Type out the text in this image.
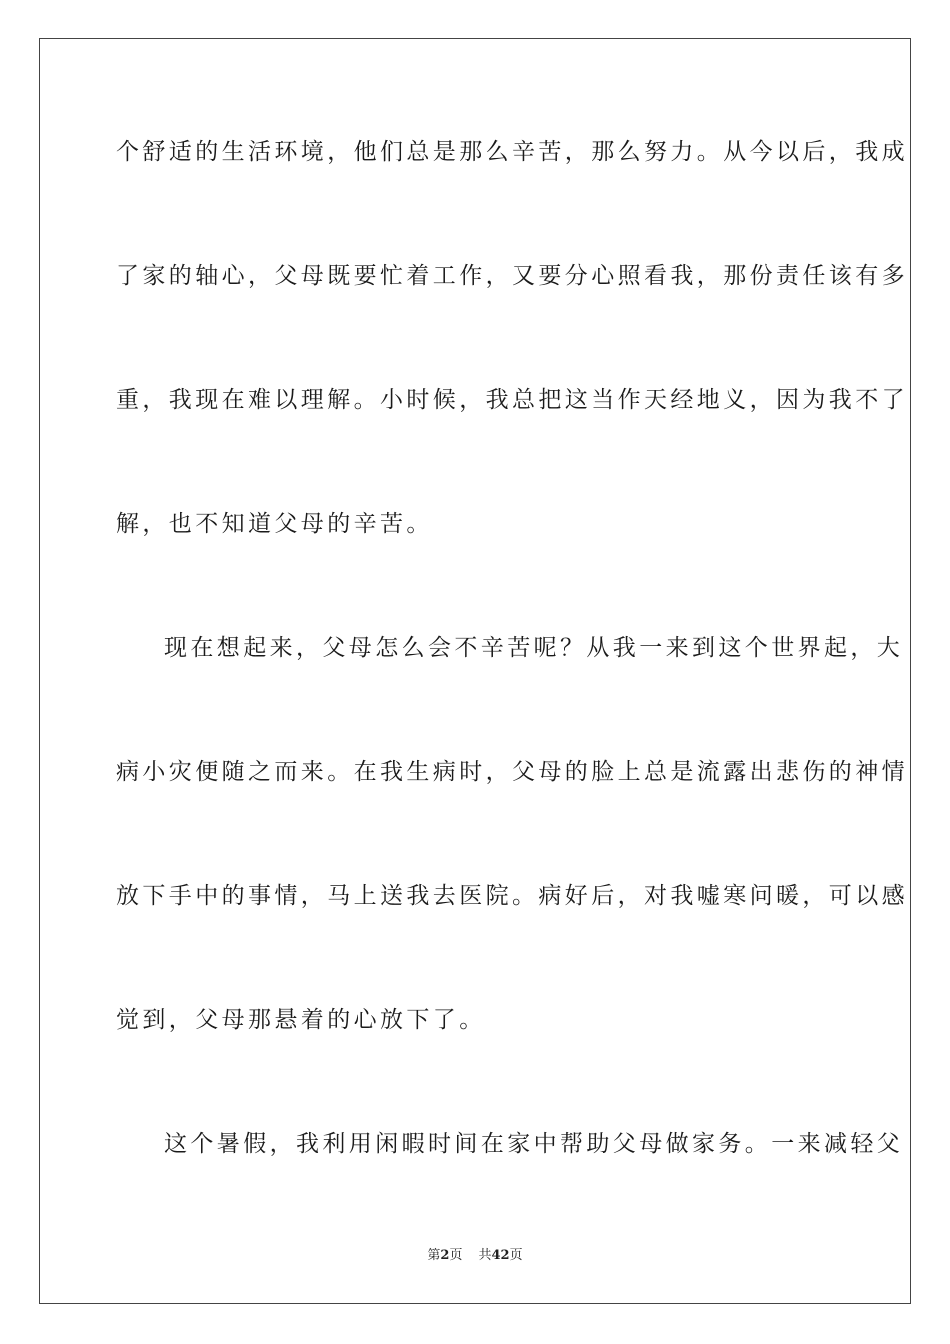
个舒适的生活环境，他们总是那么辛苦，那么努力。从今以后，我成
了家的轴心，父母既要忙着工作，又要分心照看我，那份责任该有多
重，我现在难以理解。小时候，我总把这当作天经地义，因为我不了
解，也不知道父母的辛苦。
现在想起来，父母怎么会不辛苦呢？从我一来到这个世界起，大
病小灾便随之而来。在我生病时，父母的脸上总是流露出悲伤的神情
放下手中的事情，马上送我去医院。病好后，对我嘘寒问暖，可以感
觉到，父母那悬着的心放下了。
这个暑假，我利用闲暇时间在家中帮助父母做家务。一来减轻父
第2页 共42页
